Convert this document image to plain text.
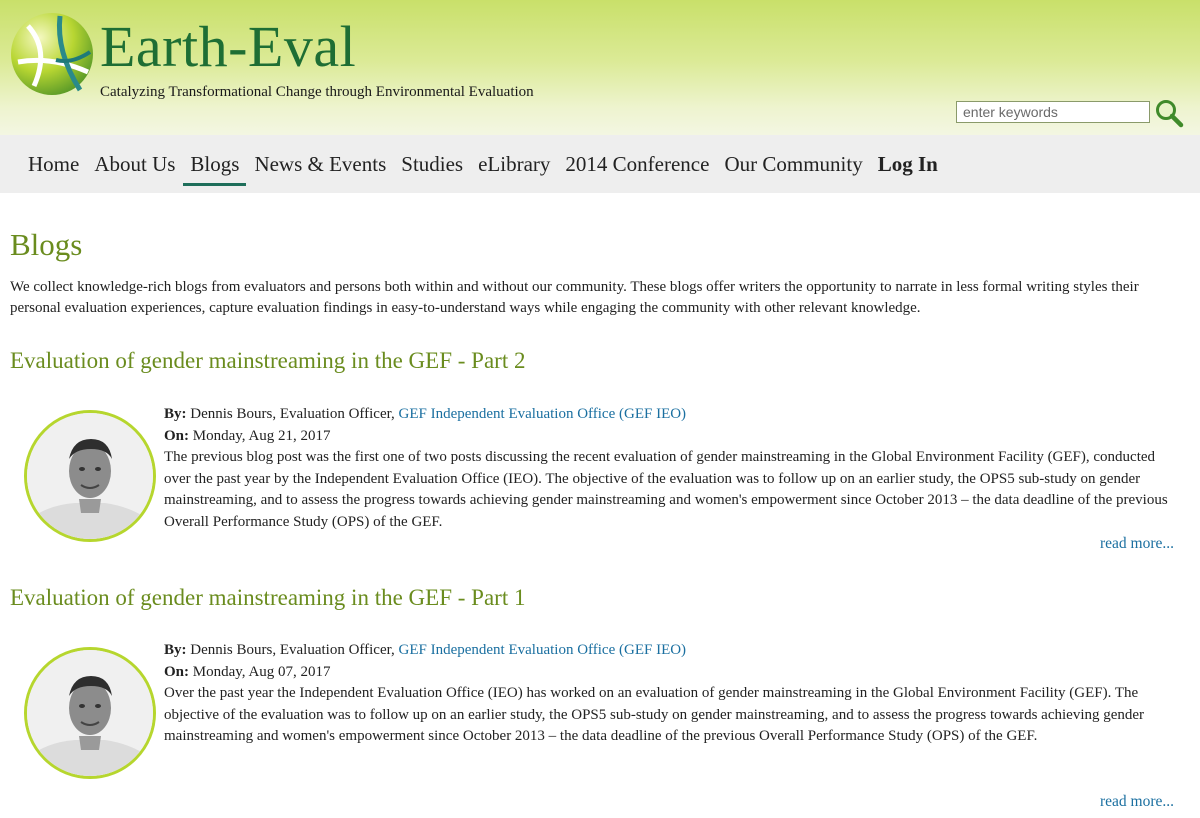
Earth-Eval
Catalyzing Transformational Change through Environmental Evaluation
enter keywords
Home About Us Blogs News & Events Studies eLibrary 2014 Conference Our Community Log In
Blogs

We collect knowledge-rich blogs from evaluators and persons both within and without our community. These blogs offer writers the opportunity to narrate in less formal writing styles their personal evaluation experiences, capture evaluation findings in easy-to-understand ways while engaging the community with other relevant knowledge.

Evaluation of gender mainstreaming in the GEF - Part 2
By: Dennis Bours, Evaluation Officer, GEF Independent Evaluation Office (GEF IEO)
On: Monday, Aug 21, 2017
The previous blog post was the first one of two posts discussing the recent evaluation of gender mainstreaming in the Global Environment Facility (GEF), conducted over the past year by the Independent Evaluation Office (IEO). The objective of the evaluation was to follow up on an earlier study, the OPS5 sub-study on gender mainstreaming, and to assess the progress towards achieving gender mainstreaming and women's empowerment since October 2013 – the data deadline of the previous Overall Performance Study (OPS) of the GEF.
read more...
Evaluation of gender mainstreaming in the GEF - Part 1
By: Dennis Bours, Evaluation Officer, GEF Independent Evaluation Office (GEF IEO)
On: Monday, Aug 07, 2017
Over the past year the Independent Evaluation Office (IEO) has worked on an evaluation of gender mainstreaming in the Global Environment Facility (GEF). The objective of the evaluation was to follow up on an earlier study, the OPS5 sub-study on gender mainstreaming, and to assess the progress towards achieving gender mainstreaming and women's empowerment since October 2013 – the data deadline of the previous Overall Performance Study (OPS) of the GEF.
read more...
